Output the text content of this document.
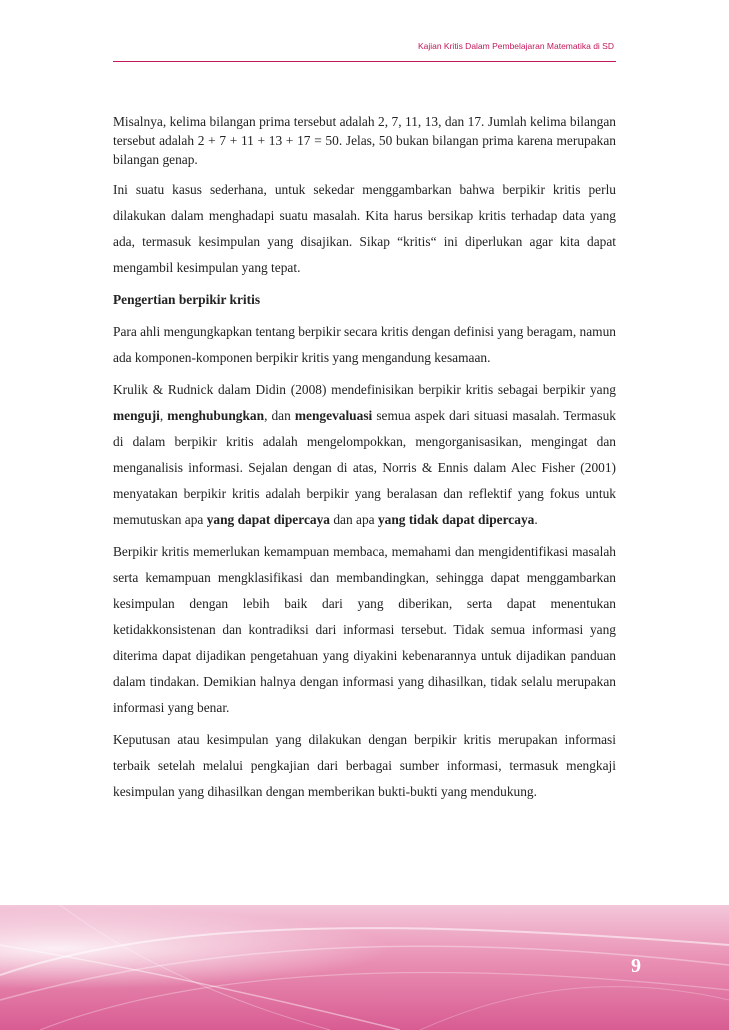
Kajian Kritis Dalam Pembelajaran Matematika di SD

Misalnya, kelima bilangan prima tersebut adalah 2, 7, 11, 13, dan 17. Jumlah kelima bilangan tersebut adalah 2 + 7 + 11 + 13 + 17 = 50. Jelas, 50 bukan bilangan prima karena merupakan bilangan genap.

Ini suatu kasus sederhana, untuk sekedar menggambarkan bahwa berpikir kritis perlu dilakukan dalam menghadapi suatu masalah. Kita harus bersikap kritis terhadap data yang ada, termasuk kesimpulan yang disajikan. Sikap “kritis“ ini diperlukan agar kita dapat mengambil kesimpulan yang tepat.

Pengertian berpikir kritis

Para ahli mengungkapkan tentang berpikir secara kritis dengan definisi yang beragam, namun ada komponen-komponen berpikir kritis yang mengandung kesamaan.

Krulik & Rudnick dalam Didin (2008) mendefinisikan berpikir kritis sebagai berpikir yang menguji, menghubungkan, dan mengevaluasi semua aspek dari situasi masalah. Termasuk di dalam berpikir kritis adalah mengelompokkan, mengorganisasikan, mengingat dan menganalisis informasi. Sejalan dengan di atas, Norris & Ennis dalam Alec Fisher (2001) menyatakan berpikir kritis adalah berpikir yang beralasan dan reflektif yang fokus untuk memutuskan apa yang dapat dipercaya dan apa yang tidak dapat dipercaya.

Berpikir kritis memerlukan kemampuan membaca, memahami dan mengidentifikasi masalah serta kemampuan mengklasifikasi dan membandingkan, sehingga dapat menggambarkan kesimpulan dengan lebih baik dari yang diberikan, serta dapat menentukan ketidakkonsistenan dan kontradiksi dari informasi tersebut. Tidak semua informasi yang diterima dapat dijadikan pengetahuan yang diyakini kebenarannya untuk dijadikan panduan dalam tindakan. Demikian halnya dengan informasi yang dihasilkan, tidak selalu merupakan informasi yang benar.

Keputusan atau kesimpulan yang dilakukan dengan berpikir kritis merupakan informasi terbaik setelah melalui pengkajian dari berbagai sumber informasi, termasuk mengkaji kesimpulan yang dihasilkan dengan memberikan bukti-bukti yang mendukung.

9
